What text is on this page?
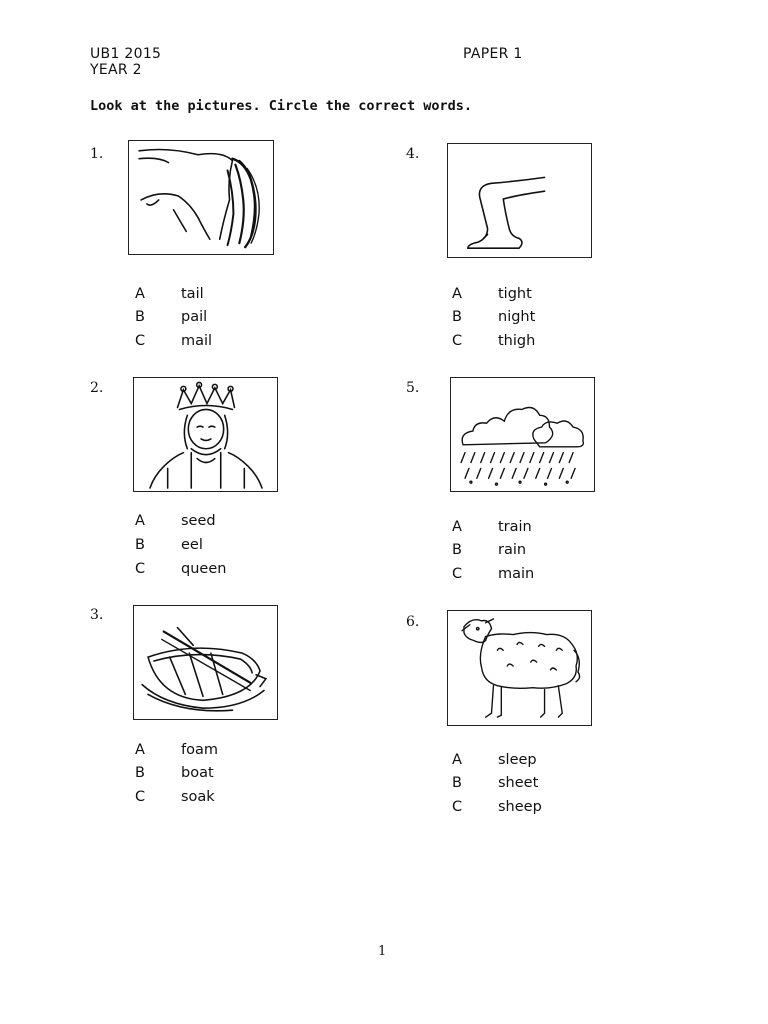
UB1 2015
YEAR 2
PAPER 1
Look at the pictures. Circle the correct words.
1.
A tail
B pail
C mail
2.
A seed
B eel
C queen
3.
A foam
B boat
C soak
4.
A tight
B night
C thigh
5.
A train
B rain
C main
6.
A sleep
B sheet
C sheep
1
